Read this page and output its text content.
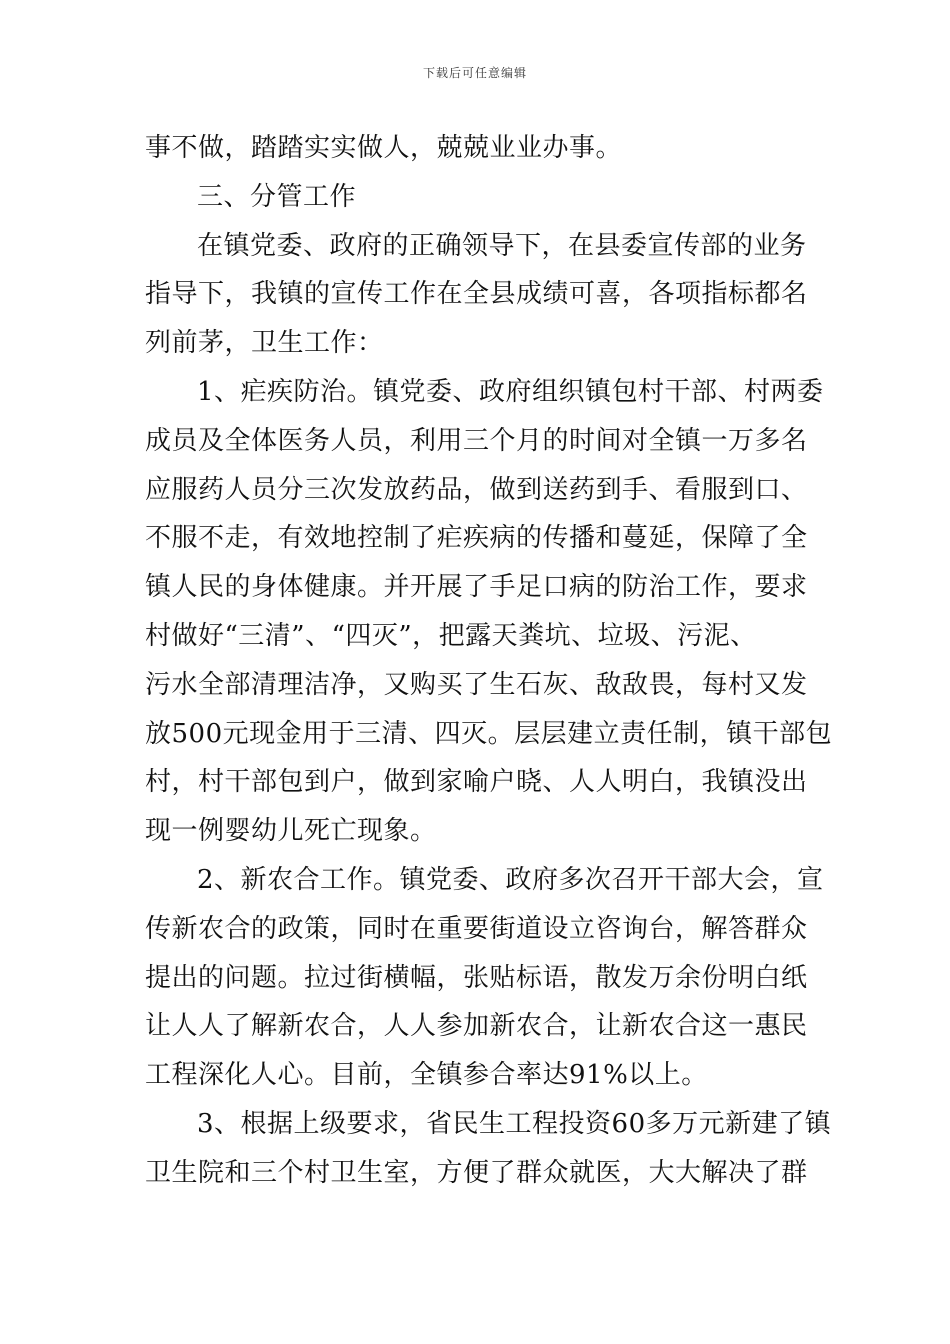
下载后可任意编辑
事不做，踏踏实实做人，兢兢业业办事。
三、分管工作
在镇党委、政府的正确领导下，在县委宣传部的业务
指导下，我镇的宣传工作在全县成绩可喜，各项指标都名
列前茅，卫生工作：
1、疟疾防治。镇党委、政府组织镇包村干部、村两委
成员及全体医务人员，利用三个月的时间对全镇一万多名
应服药人员分三次发放药品，做到送药到手、看服到口、
不服不走，有效地控制了疟疾病的传播和蔓延，保障了全
镇人民的身体健康。并开展了手足口病的防治工作，要求
村做好“三清”、“四灭”，把露天粪坑、垃圾、污泥、
污水全部清理洁净，又购买了生石灰、敌敌畏，每村又发
放500元现金用于三清、四灭。层层建立责任制，镇干部包
村，村干部包到户，做到家喻户晓、人人明白，我镇没出
现一例婴幼儿死亡现象。
2、新农合工作。镇党委、政府多次召开干部大会，宣
传新农合的政策，同时在重要街道设立咨询台，解答群众
提出的问题。拉过街横幅，张贴标语，散发万余份明白纸
让人人了解新农合，人人参加新农合，让新农合这一惠民
工程深化人心。目前，全镇参合率达91%以上。
3、根据上级要求，省民生工程投资60多万元新建了镇
卫生院和三个村卫生室，方便了群众就医，大大解决了群
